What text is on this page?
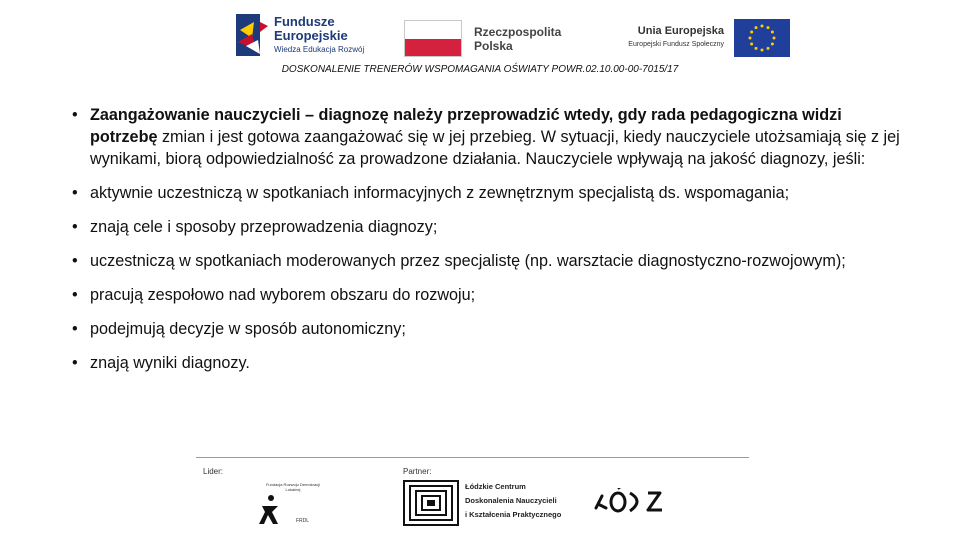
Fundusze
Europejskie
Wiedza Edukacja Rozwój
Rzeczpospolita
Polska
Unia Europejska
Europejski Fundusz Społeczny
DOSKONALENIE TRENERÓW WSPOMAGANIA OŚWIATY POWR.02.10.00-00-7015/17
• Zaangażowanie nauczycieli – diagnozę należy przeprowadzić wtedy, gdy rada pedagogiczna widzi potrzebę zmian i jest gotowa zaangażować się w jej przebieg. W sytuacji, kiedy nauczyciele utożsamiają się z jej wynikami, biorą odpowiedzialność za prowadzone działania. Nauczyciele wpływają na jakość diagnozy, jeśli:
• aktywnie uczestniczą w spotkaniach informacyjnych z zewnętrznym specjalistą ds. wspomagania;
• znają cele i sposoby przeprowadzenia diagnozy;
• uczestniczą w spotkaniach moderowanych przez specjalistę (np. warsztacie diagnostyczno-rozwojowym);
• pracują zespołowo nad wyborem obszaru do rozwoju;
• podejmują decyzje w sposób autonomiczny;
• znają wyniki diagnozy.
Lider:	Partner:
Fundacja Rozwoju Demokracji Lokalnej
FRDL
Łódzkie Centrum
Doskonalenia Nauczycieli
i Kształcenia Praktycznego
